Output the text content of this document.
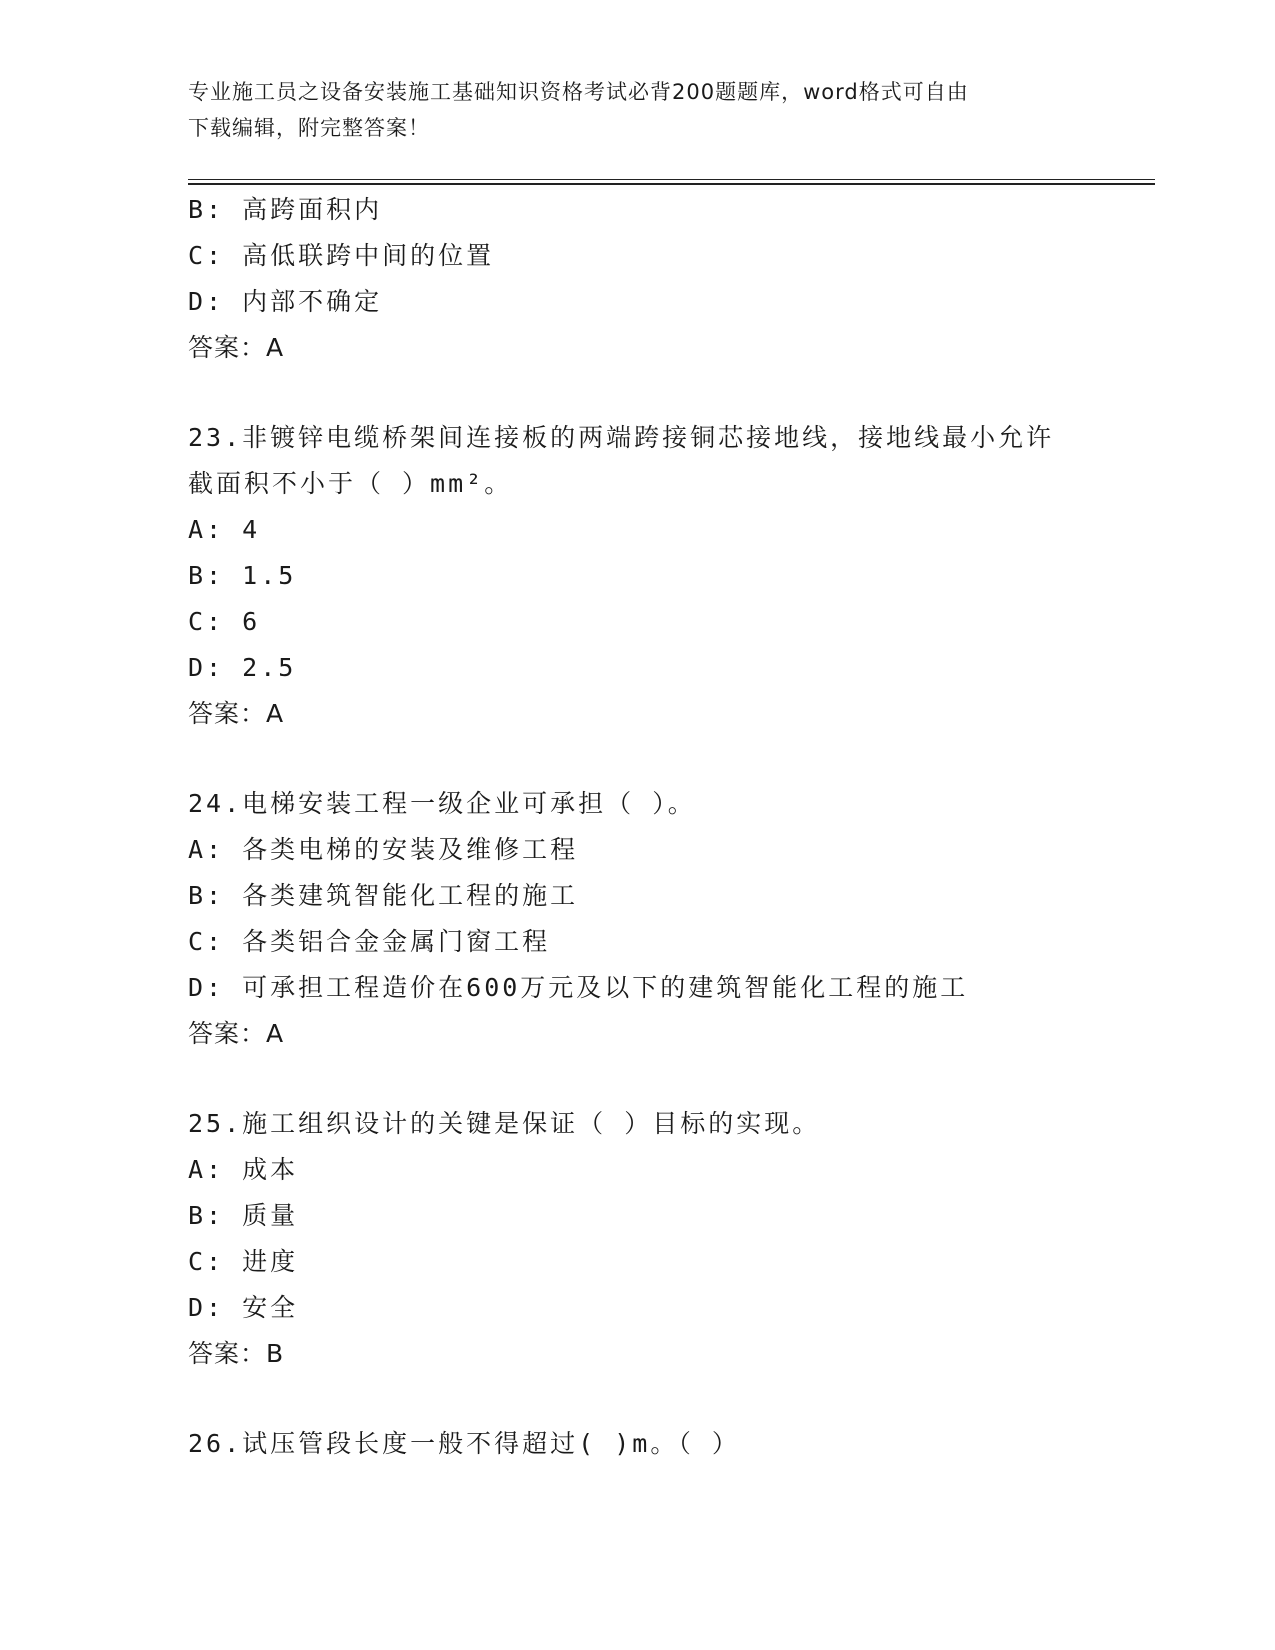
专业施工员之设备安装施工基础知识资格考试必背200题题库，word格式可自由
下载编辑，附完整答案！
B: 高跨面积内
C: 高低联跨中间的位置
D: 内部不确定
答案：A
23.非镀锌电缆桥架间连接板的两端跨接铜芯接地线，接地线最小允许
截面积不小于（ ）mm²。
A: 4
B: 1.5
C: 6
D: 2.5
答案：A
24.电梯安装工程一级企业可承担（ ）。
A: 各类电梯的安装及维修工程
B: 各类建筑智能化工程的施工
C: 各类铝合金金属门窗工程
D: 可承担工程造价在600万元及以下的建筑智能化工程的施工
答案：A
25.施工组织设计的关键是保证（ ）目标的实现。
A: 成本
B: 质量
C: 进度
D: 安全
答案：B
26.试压管段长度一般不得超过( )m。（ ）
